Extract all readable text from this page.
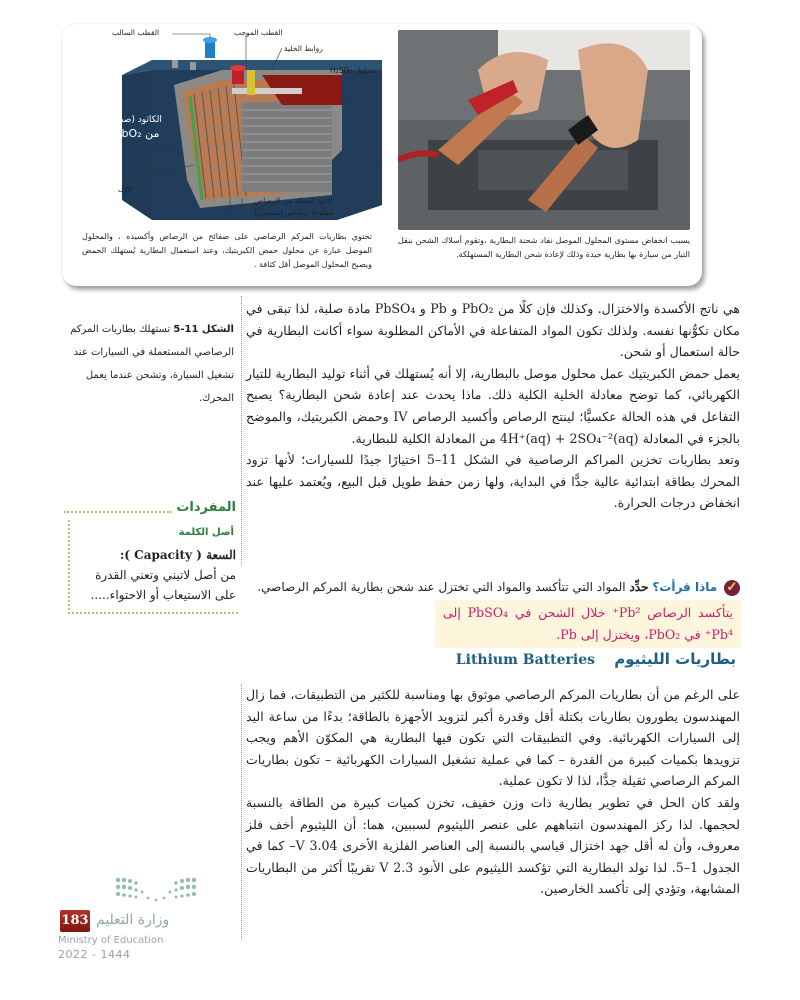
القطب السالب	القطب الموجب
روابط الخلية
محلول H₂SO₄
الكاثود (صفائح
من PbO₂)
عازل
الأنود (شبكة من الرصاص
مملوءة برصاص إسفنجي)
تحتوي بطاريات المركم الرصاصي على صفائح من الرصاص وأكسيده ، والمحلول الموصل عبارة عن محلول حمض الكبريتيك، وعند استعمال البطارية يُستهلك الحمض ويصبح المحلول الموصل أقل كثافة .
يسبب انخفاض مستوى المحلول الموصل نفاد شحنة البطارية ،وتقوم أسلاك الشحن بنقل التيار من سيارة بها بطارية جيدة وذلك لإعادة شحن البطارية المستهلكة.
الشكل 11-5 تستهلك بطاريات المركم الرصاصي المستعملة في السيارات عند تشغيل السيارة، وتشحن عندما يعمل المحرك.
المفردات
أصل الكلمة
السعة ( Capacity ):
من أصل لاتيني وتعني القدرة على الاستيعاب أو الاحتواء.....

هي ناتج الأكسدة والاختزال. وكذلك فإن كلًا من PbO₂ و Pb و PbSO₄ مادة صلبة، لذا تبقى في مكان تكوُّنها نفسه. ولذلك تكون المواد المتفاعلة في الأماكن المطلوبة سواء أكانت البطارية في حالة استعمال أو شحن.

يعمل حمض الكبريتيك عمل محلول موصل بالبطارية، إلا أنه يُستهلك في أثناء توليد البطارية للتيار الكهربائي، كما توضح معادلة الخلية الكلية ذلك. ماذا يحدث عند إعادة شحن البطارية؟ يصبح التفاعل في هذه الحالة عكسيًّا؛ لينتج الرصاص وأكسيد الرصاص IV وحمض الكبريتيك، والموضح بالجزء في المعادلة 4H⁺(aq) + 2SO₄⁻²(aq) من المعادلة الكلية للبطارية.

وتعد بطاريات تخزين المراكم الرصاصية في الشكل 11–5 اختيارًا جيدًا للسيارات؛ لأنها تزود المحرك بطاقة ابتدائية عالية جدًّا في البداية، ولها زمن حفظ طويل قبل البيع، ويُعتمد عليها عند انخفاض درجات الحرارة.

✓ ماذا قرأت؟ حدِّد المواد التي تتأكسد والمواد التي تختزل عند شحن بطارية المركم الرصاصي.
يتأكسد الرصاص Pb²⁺ خلال الشحن في PbSO₄ إلى Pb⁴⁺ في PbO₂، ويختزل إلى Pb.
بطاريات الليثيوم Lithium Batteries

على الرغم من أن بطاريات المركم الرصاصي موثوق بها ومناسبة للكثير من التطبيقات، فما زال المهندسون يطورون بطاريات بكتلة أقل وقدرة أكبر لتزويد الأجهزة بالطاقة؛ بدءًا من ساعة اليد إلى السيارات الكهربائية. وفي التطبيقات التي تكون فيها البطارية هي المكوّن الأهم ويجب تزويدها بكميات كبيرة من القدرة – كما في عملية تشغيل السيارات الكهربائية – تكون بطاريات المركم الرصاصي ثقيلة جدًّا، لذا لا تكون عملية.

ولقد كان الحل في تطوير بطارية ذات وزن خفيف، تخزن كميات كبيرة من الطاقة بالنسبة لحجمها. لذا ركز المهندسون انتباههم على عنصر الليثيوم لسببين، هما: أن الليثيوم أخف فلز معروف، وأن له أقل جهد اختزال قياسي بالنسبة إلى العناصر الفلزية الأخرى 3.04 V– كما في الجدول 1–5. لذا تولد البطارية التي تؤكسد الليثيوم على الأنود 2.3 V تقريبًا أكثر من البطاريات المشابهة، وتؤدي إلى تأكسد الخارصين.

183 وزارة التعليم
Ministry of Education
2022 - 1444
